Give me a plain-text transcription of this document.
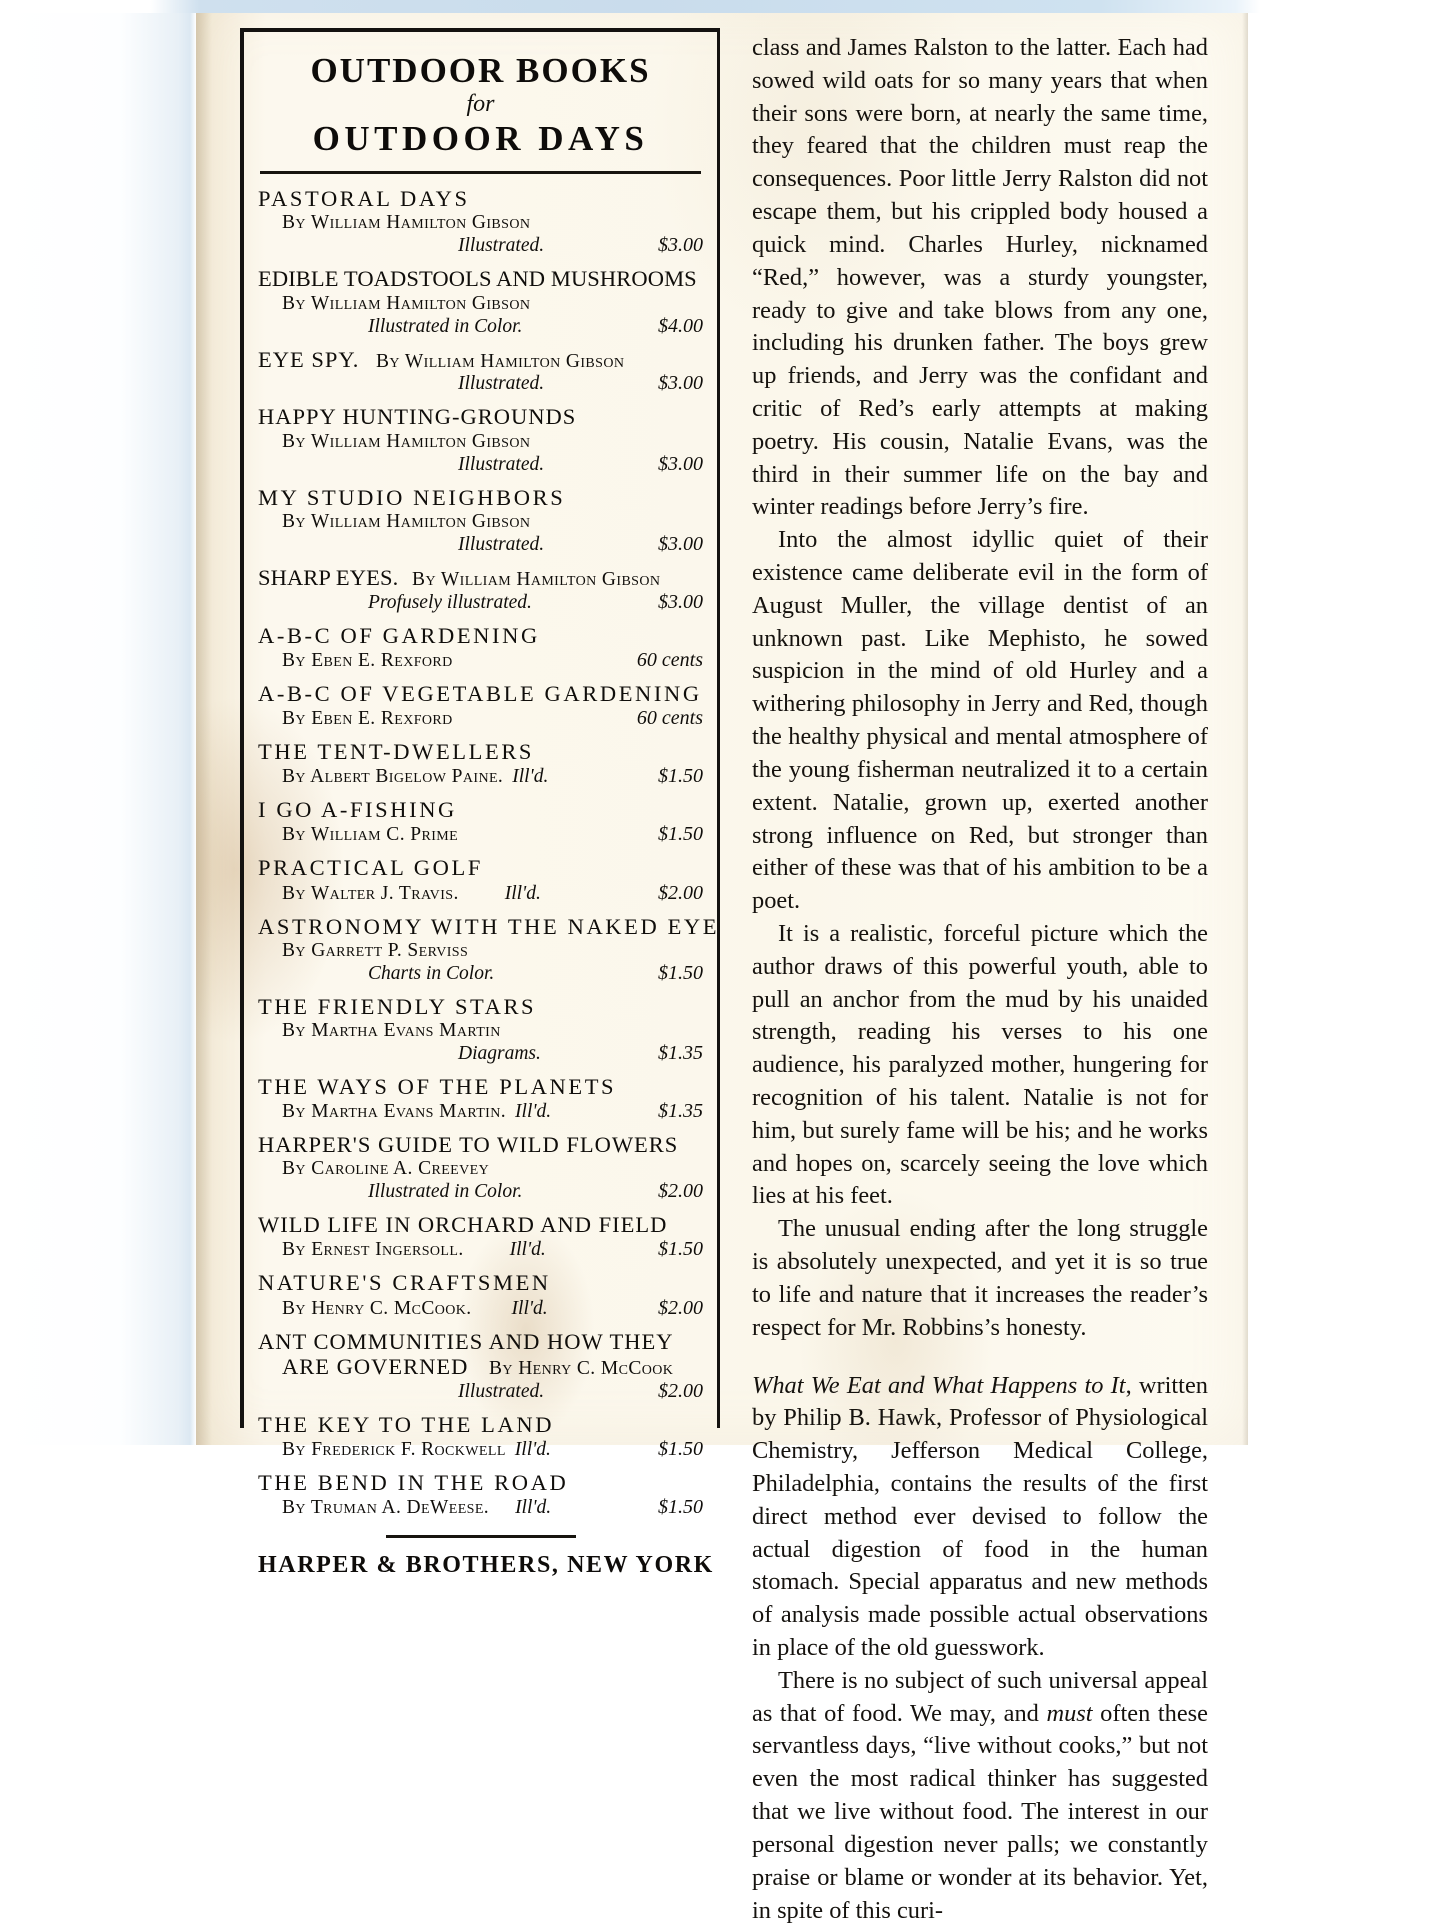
OUTDOOR BOOKS
for
OUTDOOR DAYS
PASTORAL DAYS
By William Hamilton Gibson
Illustrated.	$3.00
EDIBLE TOADSTOOLS AND MUSHROOMS
By William Hamilton Gibson
Illustrated in Color.	$4.00
EYE SPY. By William Hamilton Gibson
Illustrated.	$3.00
HAPPY HUNTING-GROUNDS
By William Hamilton Gibson
Illustrated.	$3.00
MY STUDIO NEIGHBORS
By William Hamilton Gibson
Illustrated.	$3.00
SHARP EYES. By William Hamilton Gibson
Profusely illustrated.	$3.00
A-B-C OF GARDENING
By Eben E. Rexford	60 cents
A-B-C OF VEGETABLE GARDENING
By Eben E. Rexford	60 cents
THE TENT-DWELLERS
By Albert Bigelow Paine. Ill'd.	$1.50
I GO A-FISHING
By William C. Prime	$1.50
PRACTICAL GOLF
By Walter J. Travis. Ill'd.	$2.00
ASTRONOMY WITH THE NAKED EYE
By Garrett P. Serviss
Charts in Color.	$1.50
THE FRIENDLY STARS
By Martha Evans Martin
Diagrams.	$1.35
THE WAYS OF THE PLANETS
By Martha Evans Martin. Ill'd.	$1.35
HARPER'S GUIDE TO WILD FLOWERS
By Caroline A. Creevey
Illustrated in Color.	$2.00
WILD LIFE IN ORCHARD AND FIELD
By Ernest Ingersoll. Ill'd.	$1.50
NATURE'S CRAFTSMEN
By Henry C. McCook. Ill'd.	$2.00
ANT COMMUNITIES AND HOW THEY
ARE GOVERNED By Henry C. McCook
Illustrated.	$2.00
THE KEY TO THE LAND
By Frederick F. Rockwell Ill'd.	$1.50
THE BEND IN THE ROAD
By Truman A. DeWeese. Ill'd.	$1.50
HARPER & BROTHERS, NEW YORK

class and James Ralston to the latter. Each had sowed wild oats for so many years that when their sons were born, at nearly the same time, they feared that the children must reap the consequences. Poor little Jerry Ralston did not escape them, but his crippled body housed a quick mind. Charles Hurley, nicknamed “Red,” however, was a sturdy youngster, ready to give and take blows from any one, including his drunken father. The boys grew up friends, and Jerry was the confidant and critic of Red’s early attempts at making poetry. His cousin, Natalie Evans, was the third in their summer life on the bay and winter readings before Jerry’s fire.

Into the almost idyllic quiet of their existence came deliberate evil in the form of August Muller, the village dentist of an unknown past. Like Mephisto, he sowed suspicion in the mind of old Hurley and a withering philosophy in Jerry and Red, though the healthy physical and mental atmosphere of the young fisherman neutralized it to a certain extent. Natalie, grown up, exerted another strong influence on Red, but stronger than either of these was that of his ambition to be a poet.

It is a realistic, forceful picture which the author draws of this powerful youth, able to pull an anchor from the mud by his unaided strength, reading his verses to his one audience, his paralyzed mother, hungering for recognition of his talent. Natalie is not for him, but surely fame will be his; and he works and hopes on, scarcely seeing the love which lies at his feet.

The unusual ending after the long struggle is absolutely unexpected, and yet it is so true to life and nature that it increases the reader’s respect for Mr. Robbins’s honesty.

What We Eat and What Happens to It, written by Philip B. Hawk, Professor of Physiological Chemistry, Jefferson Medical College, Philadelphia, contains the results of the first direct method ever devised to follow the actual digestion of food in the human stomach. Special apparatus and new methods of analysis made possible actual observations in place of the old guesswork.

There is no subject of such universal appeal as that of food. We may, and must often these servantless days, “live without cooks,” but not even the most radical thinker has suggested that we live without food. The interest in our personal digestion never palls; we constantly praise or blame or wonder at its behavior. Yet, in spite of this curi-
